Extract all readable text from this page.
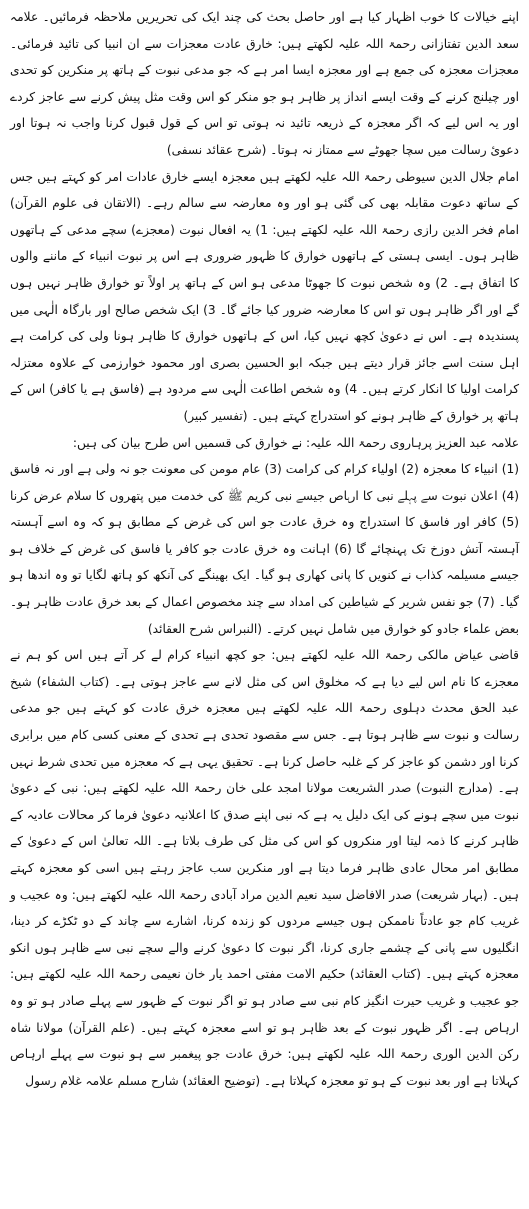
اپنے خیالات کا خوب اظہار کیا ہے اور حاصل بحث کی چند ایک کی تحریریں ملاحظہ فرمائیں۔ علامہ سعد الدین تفتازانی رحمۃ اللہ علیہ لکھتے ہیں: خارق عادت معجزات سے ان انبیا کی تائید فرمائی۔ معجزات معجزہ کی جمع ہے اور معجزہ ایسا امر ہے کہ جو مدعی نبوت کے ہاتھ پر منکرین کو تحدی اور چیلنج کرنے کے وقت ایسے انداز پر ظاہر ہو جو منکر کو اس وقت مثل پیش کرنے سے عاجز کردے اور یہ اس لیے کہ اگر معجزہ کے ذریعہ تائید نہ ہوتی تو اس کے قول قبول کرنا واجب نہ ہوتا اور دعویٔ رسالت میں سچا جھوٹے سے ممتاز نہ ہوتا۔ (شرح عقائد نسفی)

امام جلال الدین سیوطی رحمۃ اللہ علیہ لکھتے ہیں معجزہ ایسے خارق عادات امر کو کہتے ہیں جس کے ساتھ دعوت مقابلہ بھی کی گئی ہو اور وہ معارضہ سے سالم رہے۔ (الاتقان فی علوم القرآن) امام فخر الدین رازی رحمۃ اللہ علیہ لکھتے ہیں: 1) یہ افعال نبوت (معجزے) سچے مدعی کے ہاتھوں ظاہر ہوں۔ ایسی ہستی کے ہاتھوں خوارق کا ظہور ضروری ہے اس پر نبوت انبیاء کے ماننے والوں کا اتفاق ہے۔ 2) وہ شخص نبوت کا جھوٹا مدعی ہو اس کے ہاتھ پر اولاً تو خوارق ظاہر نہیں ہوں گے اور اگر ظاہر ہوں تو اس کا معارضہ ضرور کیا جائے گا۔ 3) ایک شخص صالح اور بارگاہ الٰہی میں پسندیدہ ہے۔ اس نے دعویٰ کچھ نہیں کیا، اس کے ہاتھوں خوارق کا ظاہر ہونا ولی کی کرامت ہے اہل سنت اسے جائز قرار دیتے ہیں جبکہ ابو الحسین بصری اور محمود خوارزمی کے علاوہ معتزلہ کرامت اولیا کا انکار کرتے ہیں۔ 4) وہ شخص اطاعت الٰہی سے مردود ہے (فاسق ہے یا کافر) اس کے ہاتھ پر خوارق کے ظاہر ہونے کو استدراج کہتے ہیں۔ (تفسیر کبیر)

علامہ عبد العزیز پرہاروی رحمۃ اللہ علیہ: نے خوارق کی قسمیں اس طرح بیان کی ہیں:

(1) انبیاء کا معجزہ (2) اولیاء کرام کی کرامت (3) عام مومن کی معونت جو نہ ولی ہے اور نہ فاسق (4) اعلان نبوت سے پہلے نبی کا ارہاص جیسے نبی کریم ﷺ کی خدمت میں پتھروں کا سلام عرض کرنا (5) کافر اور فاسق کا استدراج وہ خرق عادت جو اس کی غرض کے مطابق ہو کہ وہ اسے آہستہ آہستہ آتش دوزخ تک پہنچائے گا (6) اہانت وہ خرق عادت جو کافر یا فاسق کی غرض کے خلاف ہو جیسے مسیلمہ کذاب نے کنویں کا پانی کھاری ہو گیا۔ ایک بھینگے کی آنکھ کو ہاتھ لگایا تو وہ اندھا ہو گیا۔ (7) جو نفس شریر کے شیاطین کی امداد سے چند مخصوص اعمال کے بعد خرق عادت ظاہر ہو۔ بعض علماء جادو کو خوارق میں شامل نہیں کرتے۔ (النبراس شرح العقائد)

قاضی عیاض مالکی رحمۃ اللہ علیہ لکھتے ہیں: جو کچھ انبیاء کرام لے کر آتے ہیں اس کو ہم نے معجزے کا نام اس لیے دیا ہے کہ مخلوق اس کی مثل لانے سے عاجز ہوتی ہے۔ (کتاب الشفاء) شیخ عبد الحق محدث دہلوی رحمۃ اللہ علیہ لکھتے ہیں معجزہ خرق عادت کو کہتے ہیں جو مدعی رسالت و نبوت سے ظاہر ہوتا ہے۔ جس سے مقصود تحدی ہے تحدی کے معنی کسی کام میں برابری کرنا اور دشمن کو عاجز کر کے غلبہ حاصل کرنا ہے۔ تحقیق یہی ہے کہ معجزہ میں تحدی شرط نہیں ہے۔ (مدارج النبوت) صدر الشریعت مولانا امجد علی خان رحمۃ اللہ علیہ لکھتے ہیں: نبی کے دعویٰ نبوت میں سچے ہونے کی ایک دلیل یہ ہے کہ نبی اپنے صدق کا اعلانیہ دعویٰ فرما کر محالات عادیہ کے ظاہر کرنے کا ذمہ لیتا اور منکروں کو اس کی مثل کی طرف بلاتا ہے۔ اللہ تعالیٰ اس کے دعویٰ کے مطابق امر محال عادی ظاہر فرما دیتا ہے اور منکرین سب عاجز رہتے ہیں اسی کو معجزہ کہتے ہیں۔ (بہار شریعت) صدر الافاضل سید نعیم الدین مراد آبادی رحمۃ اللہ علیہ لکھتے ہیں: وہ عجیب و غریب کام جو عادتاً ناممکن ہوں جیسے مردوں کو زندہ کرنا، اشارے سے چاند کے دو ٹکڑے کر دینا، انگلیوں سے پانی کے چشمے جاری کرنا، اگر نبوت کا دعویٰ کرنے والے سچے نبی سے ظاہر ہوں انکو معجزہ کہتے ہیں۔ (کتاب العقائد) حکیم الامت مفتی احمد یار خان نعیمی رحمۃ اللہ علیہ لکھتے ہیں: جو عجیب و غریب حیرت انگیز کام نبی سے صادر ہو تو اگر نبوت کے ظہور سے پہلے صادر ہو تو وہ ارہاص ہے۔ اگر ظہور نبوت کے بعد ظاہر ہو تو اسے معجزہ کہتے ہیں۔ (علم القرآن) مولانا شاہ رکن الدین الوری رحمۃ اللہ علیہ لکھتے ہیں: خرق عادت جو پیغمبر سے ہو نبوت سے پہلے ارہاص کہلاتا ہے اور بعد نبوت کے ہو تو معجزہ کہلاتا ہے۔ (توضیح العقائد) شارح مسلم علامہ غلام رسول
